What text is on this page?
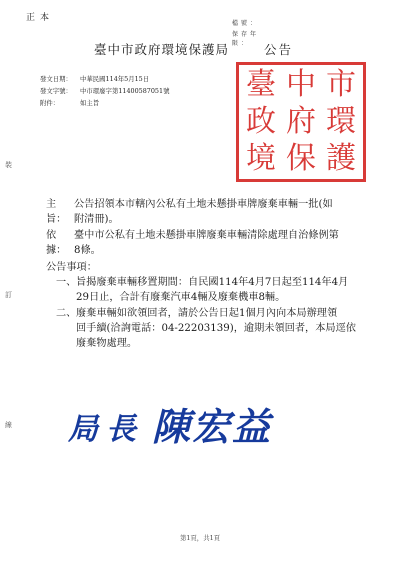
正本
檔號：
保存年限：
臺中市政府環境保護局	公告
臺 中 市
政 府 環
境 保 護
發文日期： 中華民國114年5月15日
發文字號： 中市環廢字第11400587051號
附件：	如主旨
裝
訂
線
主旨：公告招領本市轄內公私有土地未懸掛車牌廢棄車輛一批(如
附清冊)。
依據：臺中市公私有土地未懸掛車牌廢棄車輛清除處理自治條例第
8條。
公告事項：
一、旨揭廢棄車輛移置期間：自民國114年4月7日起至114年4月
29日止，合計有廢棄汽車4輛及廢棄機車8輛。
二、廢棄車輛如欲領回者，請於公告日起1個月內向本局辦理領
回手續(洽詢電話：04-22203139)，逾期未領回者，本局逕依
廢棄物處理。
局長 陳宏益
第1頁，共1頁
